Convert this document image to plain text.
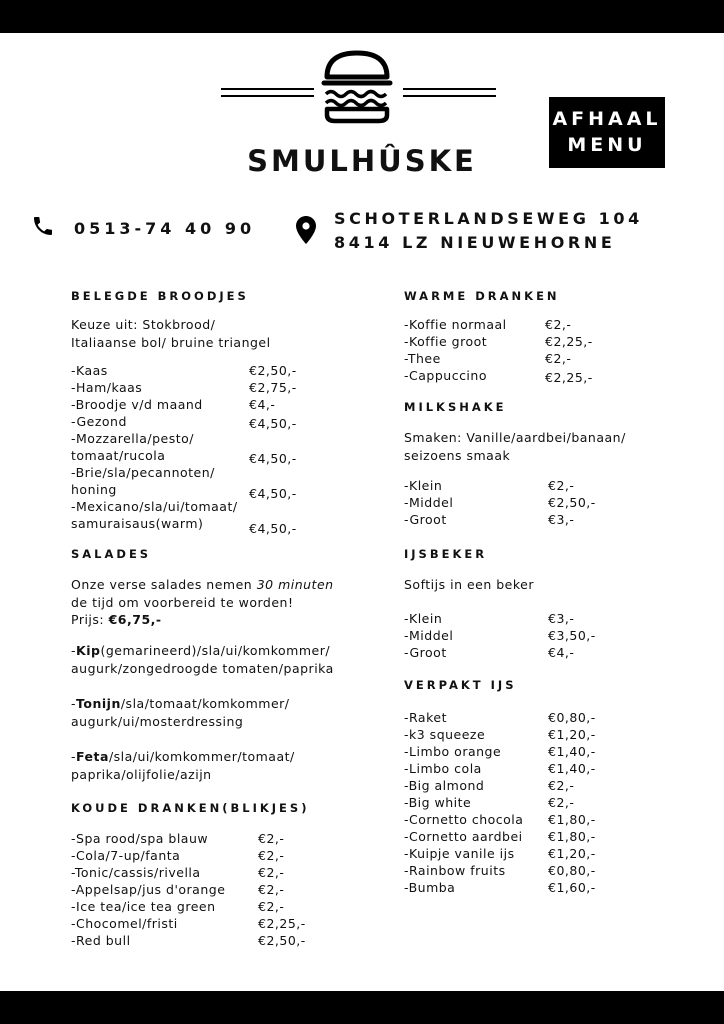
SMULHÛSKE
AFHAAL
MENU
0513-74 40 90
SCHOTERLANDSEWEG 104
8414 LZ NIEUWEHORNE
BELEGDE BROODJES
Keuze uit: Stokbrood/
Italiaanse bol/ bruine triangel
-Kaas	€2,50,-
-Ham/kaas	€2,75,-
-Broodje v/d maand	€4,-
-Gezond	€4,50,-
-Mozzarella/pesto/
tomaat/rucola	€4,50,-
-Brie/sla/pecannoten/
honing	€4,50,-
-Mexicano/sla/ui/tomaat/
samuraisaus(warm)	€4,50,-
SALADES
Onze verse salades nemen 30 minuten
de tijd om voorbereid te worden!
Prijs: €6,75,-
-Kip(gemarineerd)/sla/ui/komkommer/
augurk/zongedroogde tomaten/paprika
-Tonijn/sla/tomaat/komkommer/
augurk/ui/mosterdressing
-Feta/sla/ui/komkommer/tomaat/
paprika/olijfolie/azijn
KOUDE DRANKEN(BLIKJES)
-Spa rood/spa blauw	€2,-
-Cola/7-up/fanta	€2,-
-Tonic/cassis/rivella	€2,-
-Appelsap/jus d'orange	€2,-
-Ice tea/ice tea green	€2,-
-Chocomel/fristi	€2,25,-
-Red bull	€2,50,-
WARME DRANKEN
-Koffie normaal	€2,-
-Koffie groot	€2,25,-
-Thee	€2,-
-Cappuccino	€2,25,-
MILKSHAKE
Smaken: Vanille/aardbei/banaan/
seizoens smaak
-Klein	€2,-
-Middel	€2,50,-
-Groot	€3,-
IJSBEKER
Softijs in een beker
-Klein	€3,-
-Middel	€3,50,-
-Groot	€4,-
VERPAKT IJS
-Raket	€0,80,-
-k3 squeeze	€1,20,-
-Limbo orange	€1,40,-
-Limbo cola	€1,40,-
-Big almond	€2,-
-Big white	€2,-
-Cornetto chocola €1,80,-
-Cornetto aardbei €1,80,-
-Kuipje vanile ijs	€1,20,-
-Rainbow fruits	€0,80,-
-Bumba	€1,60,-
